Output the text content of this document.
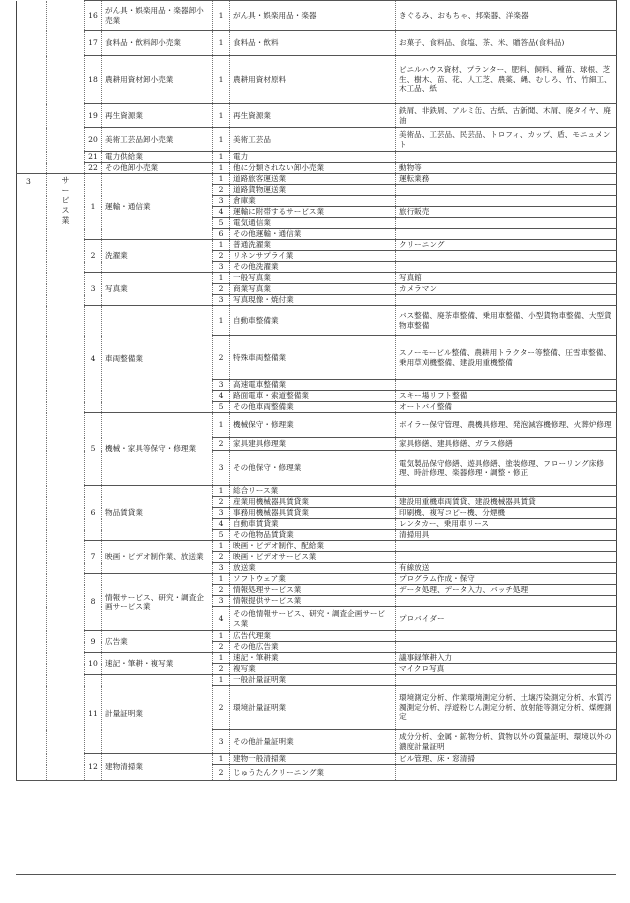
		16	がん具・娯楽用品・楽器卸小売業	1	がん具・娯楽用品・楽器	きぐるみ、おもちゃ、邦楽器、洋楽器
		17	食料品・飲料卸小売業	1	食料品・飲料	お菓子、食料品、食塩、茶、米、贈答品(食料品)
		18	農耕用資材卸小売業	1	農耕用資材原料	ビニルハウス資材、プランター、肥料、飼料、種苗、球根、芝生、樹木、苗、花、人工芝、農薬、縄、むしろ、竹、竹細工、木工品、紙
		19	再生資源業	1	再生資源業	鉄屑、非鉄屑、アルミ缶、古紙、古新聞、木屑、廃タイヤ、廃油
		20	美術工芸品卸小売業	1	美術工芸品	美術品、工芸品、民芸品、トロフィ、カップ、盾、モニュメント
		21	電力供給業	1	電力	
		22	その他卸小売業	1	他に分類されない卸小売業	動物等
3	サービス業	1	運輸・通信業	1	道路旅客運送業	運転業務
				2	道路貨物運送業	
				3	倉庫業	
				4	運輸に附帯するサービス業	旅行販売
				5	電気通信業	
				6	その他運輸・通信業	
		2	洗濯業	1	普通洗濯業	クリーニング
				2	リネンサプライ業	
				3	その他洗濯業	
		3	写真業	1	一般写真業	写真館
				2	商業写真業	カメラマン
				3	写真現像・焼付業	
		4	車両整備業	1	自動車整備業	バス整備、廃茶車整備、乗用車整備、小型貨物車整備、大型貨物車整備
				2	特殊車両整備業	スノーモービル整備、農耕用トラクター等整備、圧雪車整備、乗用草刈機整備、建設用重機整備
				3	高速電車整備業	
				4	路面電車・索道整備業	スキー場リフト整備
				5	その他車両整備業	オートバイ整備
		5	機械・家具等保守・修理業	1	機械保守・修理業	ボイラー保守管理、農機具修理、発泡減容機修理、火葬炉修理
				2	家具建具修理業	家具修繕、建具修繕、ガラス修繕
				3	その他保守・修理業	電気製品保守修繕、遊具修繕、塗装修理、フローリング床修理、時計修理、楽器修理・調整・修正
		6	物品賃貸業	1	総合リース業	
				2	産業用機械器具賃貸業	建設用重機車両賃貸、建設機械器具賃貸
				3	事務用機械器具賃貸業	印刷機、複写コピー機、分煙機
				4	自動車賃貸業	レンタカー、乗用車リース
				5	その他物品賃貸業	清掃用具
		7	映画・ビデオ制作業、放送業	1	映画・ビデオ制作、配給業	
				2	映画・ビデオサービス業	
				3	放送業	有線放送
		8	情報サービス、研究・調査企画サービス業	1	ソフトウェア業	プログラム作成・保守
				2	情報処理サービス業	データ処理、データ入力、バッチ処理
				3	情報提供サービス業	
				4	その他情報サービス、研究・調査企画サービス業	プロバイダー
		9	広告業	1	広告代理業	
				2	その他広告業	
		10	速記・筆耕・複写業	1	速記・筆耕業	議事録筆耕入力
				2	複写業	マイクロ写真
		11	計量証明業	1	一般計量証明業	
				2	環境計量証明業	環境測定分析、作業環境測定分析、土壌汚染測定分析、水質汚濁測定分析、浮遊粉じん測定分析、放射能等測定分析、煤煙測定
				3	その他計量証明業	成分分析、金属・鉱物分析、貨物以外の質量証明、環境以外の濃度計量証明
		12	建物清掃業	1	建物一般清掃業	ビル管理、床・窓清掃
				2	じゅうたんクリーニング業	
